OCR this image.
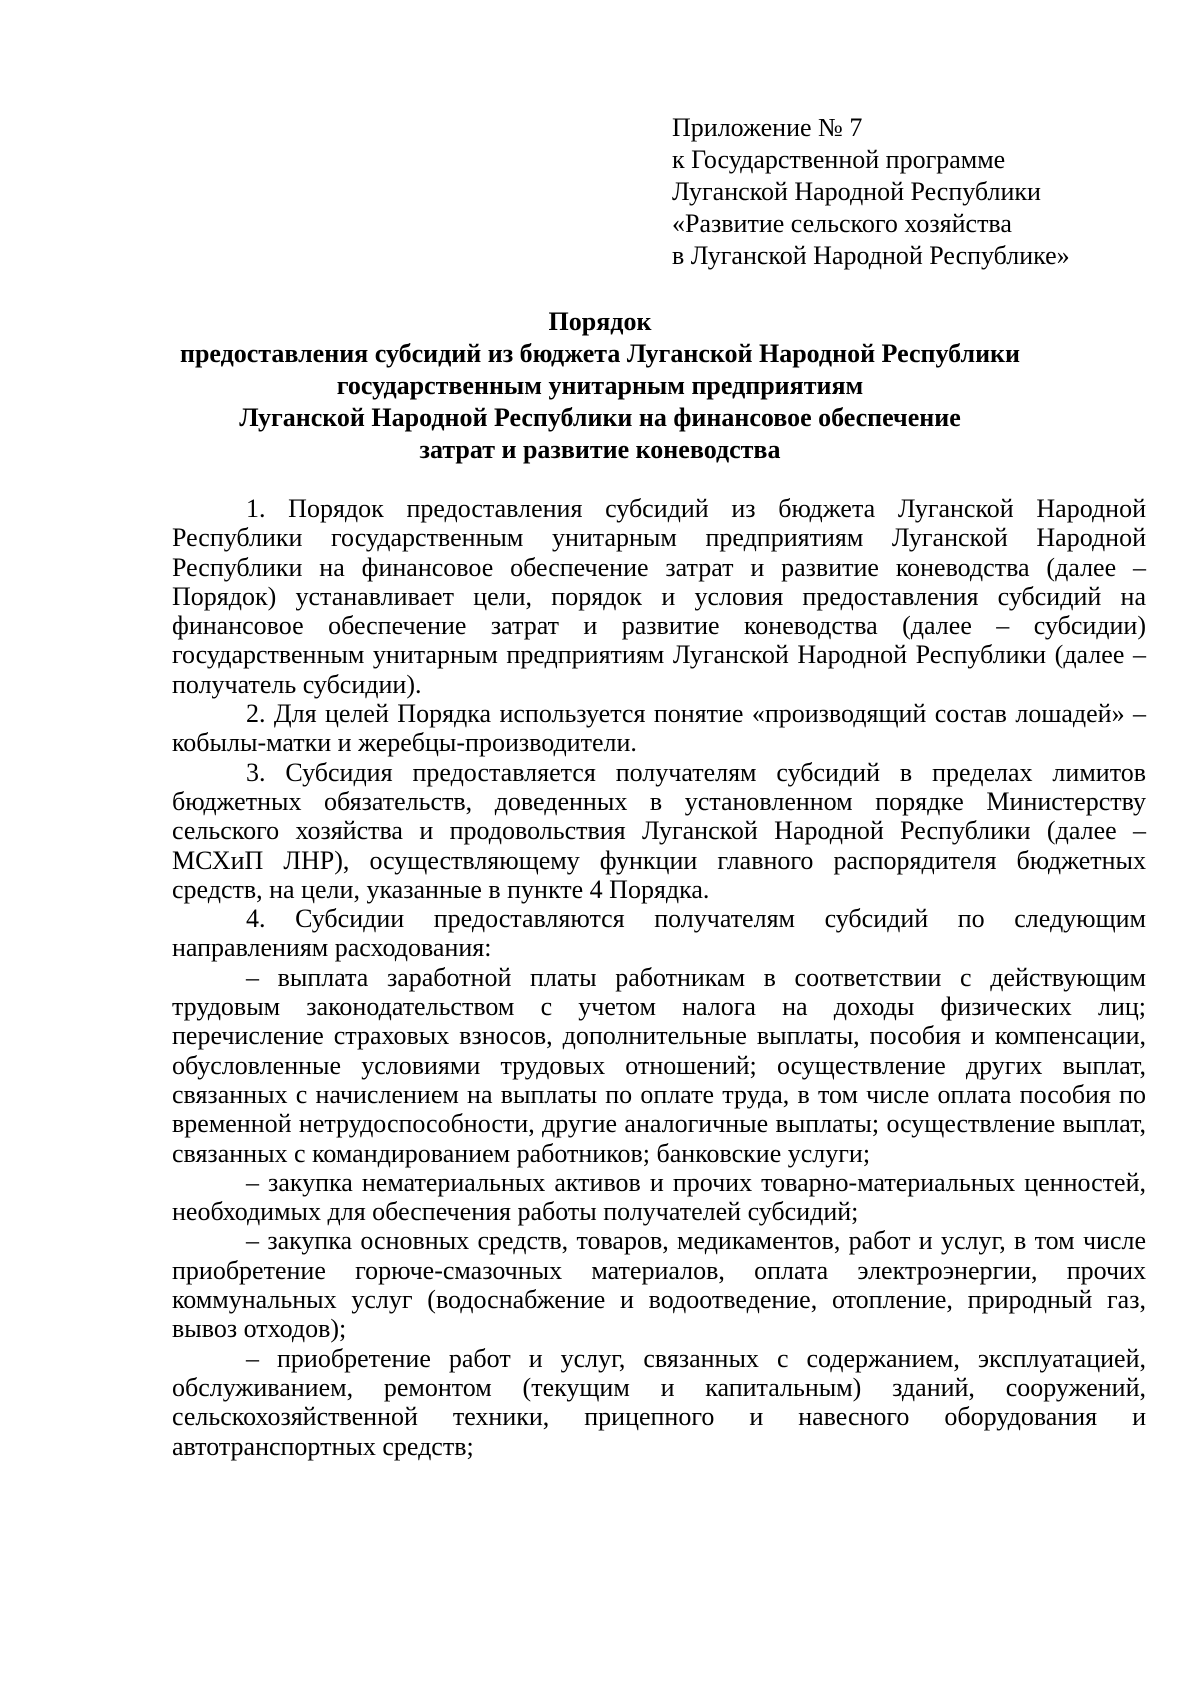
Приложение № 7
к Государственной программе
Луганской Народной Республики
«Развитие сельского хозяйства
в Луганской Народной Республике»
Порядок
предоставления субсидий из бюджета Луганской Народной Республики
государственным унитарным предприятиям
Луганской Народной Республики на финансовое обеспечение
затрат и развитие коневодства

1. Порядок предоставления субсидий из бюджета Луганской Народной Республики государственным унитарным предприятиям Луганской Народной Республики на финансовое обеспечение затрат и развитие коневодства (далее – Порядок) устанавливает цели, порядок и условия предоставления субсидий на финансовое обеспечение затрат и развитие коневодства (далее – субсидии) государственным унитарным предприятиям Луганской Народной Республики (далее – получатель субсидии).

2. Для целей Порядка используется понятие «производящий состав лошадей» – кобылы-матки и жеребцы-производители.

3. Субсидия предоставляется получателям субсидий в пределах лимитов бюджетных обязательств, доведенных в установленном порядке Министерству сельского хозяйства и продовольствия Луганской Народной Республики (далее – МСХиП ЛНР), осуществляющему функции главного распорядителя бюджетных средств, на цели, указанные в пункте 4 Порядка.

4. Субсидии предоставляются получателям субсидий по следующим направлениям расходования:

– выплата заработной платы работникам в соответствии с действующим трудовым законодательством с учетом налога на доходы физических лиц; перечисление страховых взносов, дополнительные выплаты, пособия и компенсации, обусловленные условиями трудовых отношений; осуществление других выплат, связанных с начислением на выплаты по оплате труда, в том числе оплата пособия по временной нетрудоспособности, другие аналогичные выплаты; осуществление выплат, связанных с командированием работников; банковские услуги;

– закупка нематериальных активов и прочих товарно-материальных ценностей, необходимых для обеспечения работы получателей субсидий;

– закупка основных средств, товаров, медикаментов, работ и услуг, в том числе приобретение горюче-смазочных материалов, оплата электроэнергии, прочих коммунальных услуг (водоснабжение и водоотведение, отопление, природный газ, вывоз отходов);

– приобретение работ и услуг, связанных с содержанием, эксплуатацией, обслуживанием, ремонтом (текущим и капитальным) зданий, сооружений, сельскохозяйственной техники, прицепного и навесного оборудования и автотранспортных средств;
